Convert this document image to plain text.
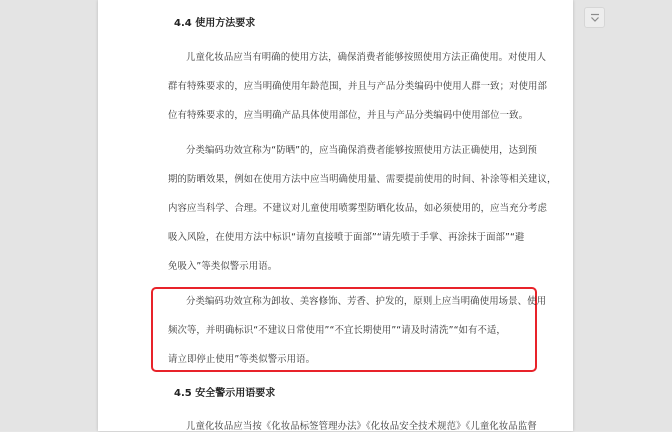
4.4 使用方法要求
儿童化妆品应当有明确的使用方法，确保消费者能够按照使用方法正确使用。对使用人
群有特殊要求的，应当明确使用年龄范围，并且与产品分类编码中使用人群一致；对使用部
位有特殊要求的，应当明确产品具体使用部位，并且与产品分类编码中使用部位一致。
分类编码功效宣称为“防晒”的，应当确保消费者能够按照使用方法正确使用，达到预
期的防晒效果，例如在使用方法中应当明确使用量、需要提前使用的时间、补涂等相关建议，
内容应当科学、合理。不建议对儿童使用喷雾型防晒化妆品，如必须使用的，应当充分考虑
吸入风险，在使用方法中标识“请勿直接喷于面部”“请先喷于手掌、再涂抹于面部”“避
免吸入”等类似警示用语。
分类编码功效宣称为卸妆、美容修饰、芳香、护发的，原则上应当明确使用场景、使用
频次等，并明确标识“不建议日常使用”“不宜长期使用”“请及时清洗”“如有不适，
请立即停止使用”等类似警示用语。
4.5 安全警示用语要求
儿童化妆品应当按《化妆品标签管理办法》《化妆品安全技术规范》《儿童化妆品监督
